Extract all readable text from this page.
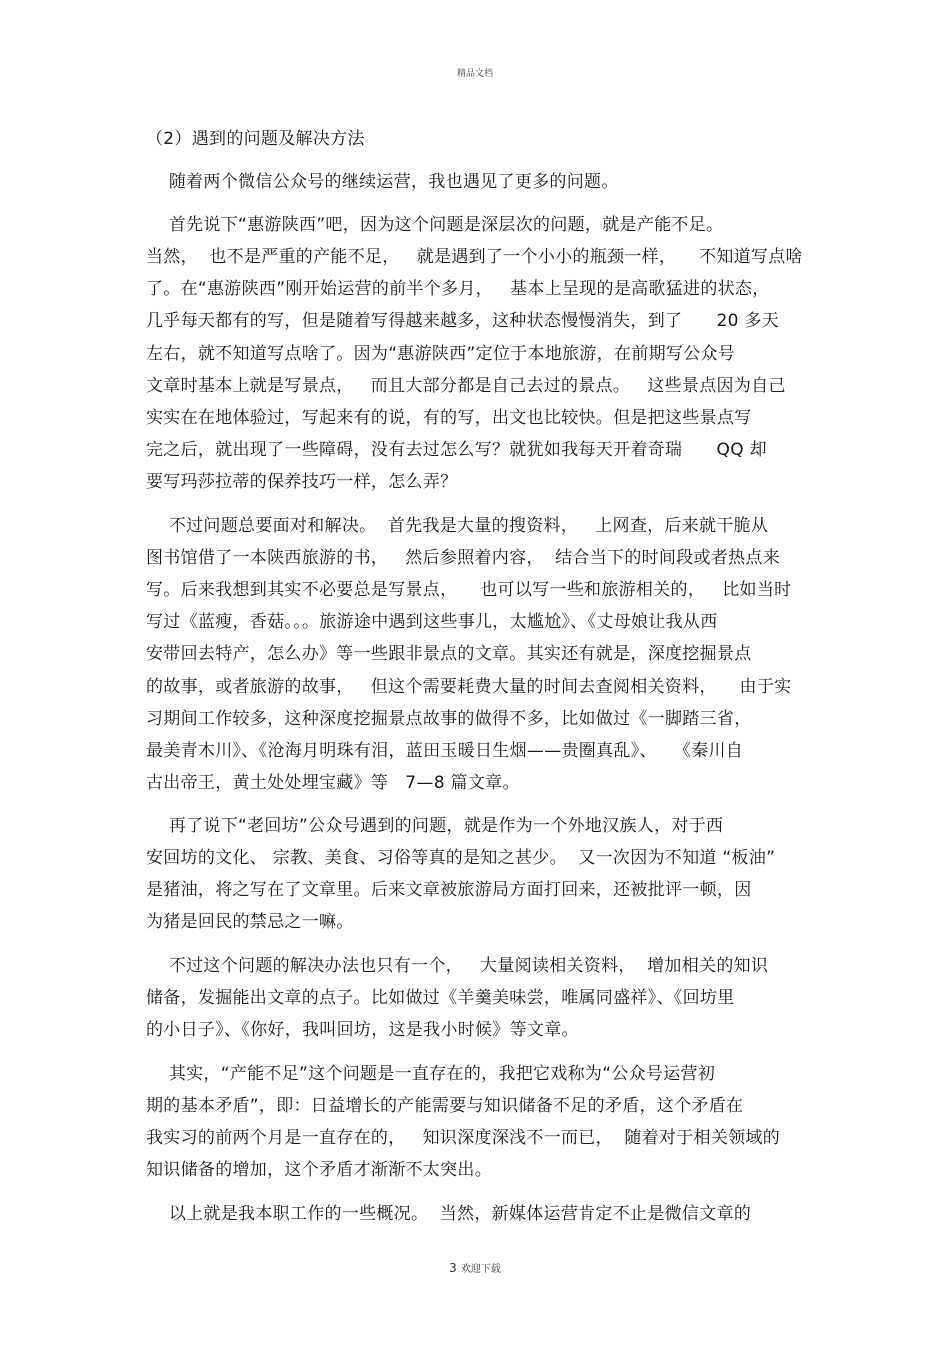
精品文档
（2）遇到的问题及解决方法
随着两个微信公众号的继续运营，我也遇见了更多的问题。
首先说下“惠游陕西”吧，因为这个问题是深层次的问题，就是产能不足。
当然，  也不是严重的产能不足，   就是遇到了一个小小的瓶颈一样，    不知道写点啥
了。在“惠游陕西”刚开始运营的前半个多月，   基本上呈现的是高歌猛进的状态，
几乎每天都有的写，但是随着写得越来越多，这种状态慢慢消失，到了      20 多天
左右，就不知道写点啥了。因为“惠游陕西”定位于本地旅游，在前期写公众号
文章时基本上就是写景点，   而且大部分都是自己去过的景点。   这些景点因为自己
实实在在地体验过，写起来有的说，有的写，出文也比较快。但是把这些景点写
完之后，就出现了一些障碍，没有去过怎么写？就犹如我每天开着奇瑞      QQ 却
要写玛莎拉蒂的保养技巧一样，怎么弄？
不过问题总要面对和解决。  首先我是大量的搜资料，   上网查，后来就干脆从
图书馆借了一本陕西旅游的书，   然后参照着内容，  结合当下的时间段或者热点来
写。后来我想到其实不必要总是写景点，    也可以写一些和旅游相关的，   比如当时
写过《蓝瘦，香菇。。。旅游途中遇到这些事儿，太尴尬》、《丈母娘让我从西
安带回去特产，怎么办》等一些跟非景点的文章。其实还有就是，深度挖掘景点
的故事，或者旅游的故事，   但这个需要耗费大量的时间去查阅相关资料，    由于实
习期间工作较多，这种深度挖掘景点故事的做得不多，比如做过《一脚踏三省，
最美青木川》、《沧海月明珠有泪，蓝田玉暖日生烟——贵圈真乱》、   《秦川自
古出帝王，黄土处处埋宝藏》等   7—8 篇文章。
再了说下“老回坊”公众号遇到的问题，就是作为一个外地汉族人，对于西
安回坊的文化、 宗教、美食、习俗等真的是知之甚少。  又一次因为不知道 “板油”
是猪油，将之写在了文章里。后来文章被旅游局方面打回来，还被批评一顿，因
为猪是回民的禁忌之一嘛。
不过这个问题的解决办法也只有一个，   大量阅读相关资料，  增加相关的知识
储备，发掘能出文章的点子。比如做过《羊羹美味尝，唯属同盛祥》、《回坊里
的小日子》、《你好，我叫回坊，这是我小时候》等文章。
其实，“产能不足”这个问题是一直存在的，我把它戏称为“公众号运营初
期的基本矛盾”，即：日益增长的产能需要与知识储备不足的矛盾，这个矛盾在
我实习的前两个月是一直存在的，   知识深度深浅不一而已，  随着对于相关领域的
知识储备的增加，这个矛盾才渐渐不太突出。
以上就是我本职工作的一些概况。  当然，新媒体运营肯定不止是微信文章的
3 欢迎下载
